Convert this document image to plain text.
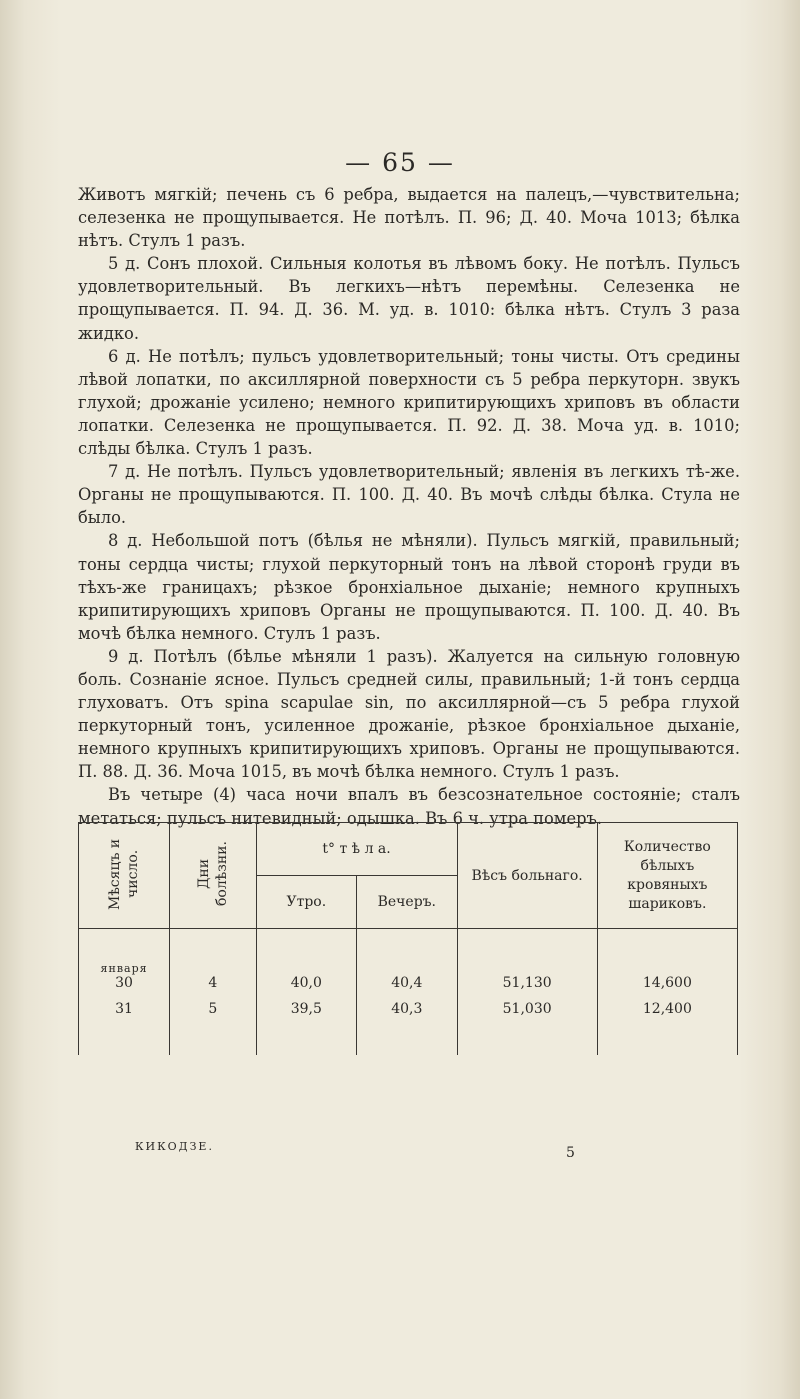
— 65 —

Животъ мягкій; печень съ 6 ребра, выдается на палецъ,—чувствительна; селезенка не прощупывается. Не потѣлъ. П. 96; Д. 40. Моча 1013; бѣлка нѣтъ. Стулъ 1 разъ.

5 д. Сонъ плохой. Сильныя колотья въ лѣвомъ боку. Не потѣлъ. Пульсъ удовлетворительный. Въ легкихъ—нѣтъ перемѣны. Селезенка не прощупывается. П. 94. Д. 36. М. уд. в. 1010: бѣлка нѣтъ. Стулъ 3 раза жидко.

6 д. Не потѣлъ; пульсъ удовлетворительный; тоны чисты. Отъ средины лѣвой лопатки, по аксиллярной поверхности съ 5 ребра перкуторн. звукъ глухой; дрожаніе усилено; немного крипитирующихъ хриповъ въ области лопатки. Селезенка не прощупывается. П. 92. Д. 38. Моча уд. в. 1010; слѣды бѣлка. Стулъ 1 разъ.

7 д. Не потѣлъ. Пульсъ удовлетворительный; явленія въ легкихъ тѣ-же. Органы не прощупываются. П. 100. Д. 40. Въ мочѣ слѣды бѣлка. Стула не было.

8 д. Небольшой потъ (бѣлья не мѣняли). Пульсъ мягкій, правильный; тоны сердца чисты; глухой перкуторный тонъ на лѣвой сторонѣ груди въ тѣхъ-же границахъ; рѣзкое бронхіальное дыханіе; немного крупныхъ крипитирующихъ хриповъ Органы не прощупываются. П. 100. Д. 40. Въ мочѣ бѣлка немного. Стулъ 1 разъ.

9 д. Потѣлъ (бѣлье мѣняли 1 разъ). Жалуется на сильную головную боль. Сознаніе ясное. Пульсъ средней силы, правильный; 1-й тонъ сердца глуховатъ. Отъ spina scapulae sin, по аксиллярной—съ 5 ребра глухой перкуторный тонъ, усиленное дрожаніе, рѣзкое бронхіальное дыханіе, немного крупныхъ крипитирующихъ хриповъ. Органы не прощупываются. П. 88. Д. 36. Моча 1015, въ мочѣ бѣлка немного. Стулъ 1 разъ.

Въ четыре (4) часа ночи впалъ въ безсознательное состояніе; сталъ метаться; пульсъ нитевидный; одышка. Въ 6 ч. утра померъ.

Мѣсяцъ и число.	Дни болѣзни.	t° т ѣ л а.		Вѣсъ больнаго.	Количество бѣлыхъ кровяныхъ шариковъ.
		Утро.	Вечеръ.		

января
30	4	40,0	40,4	51,130	14,600
31	5	39,5	40,3	51,030	12,400

КИКОДЗЕ.	5
